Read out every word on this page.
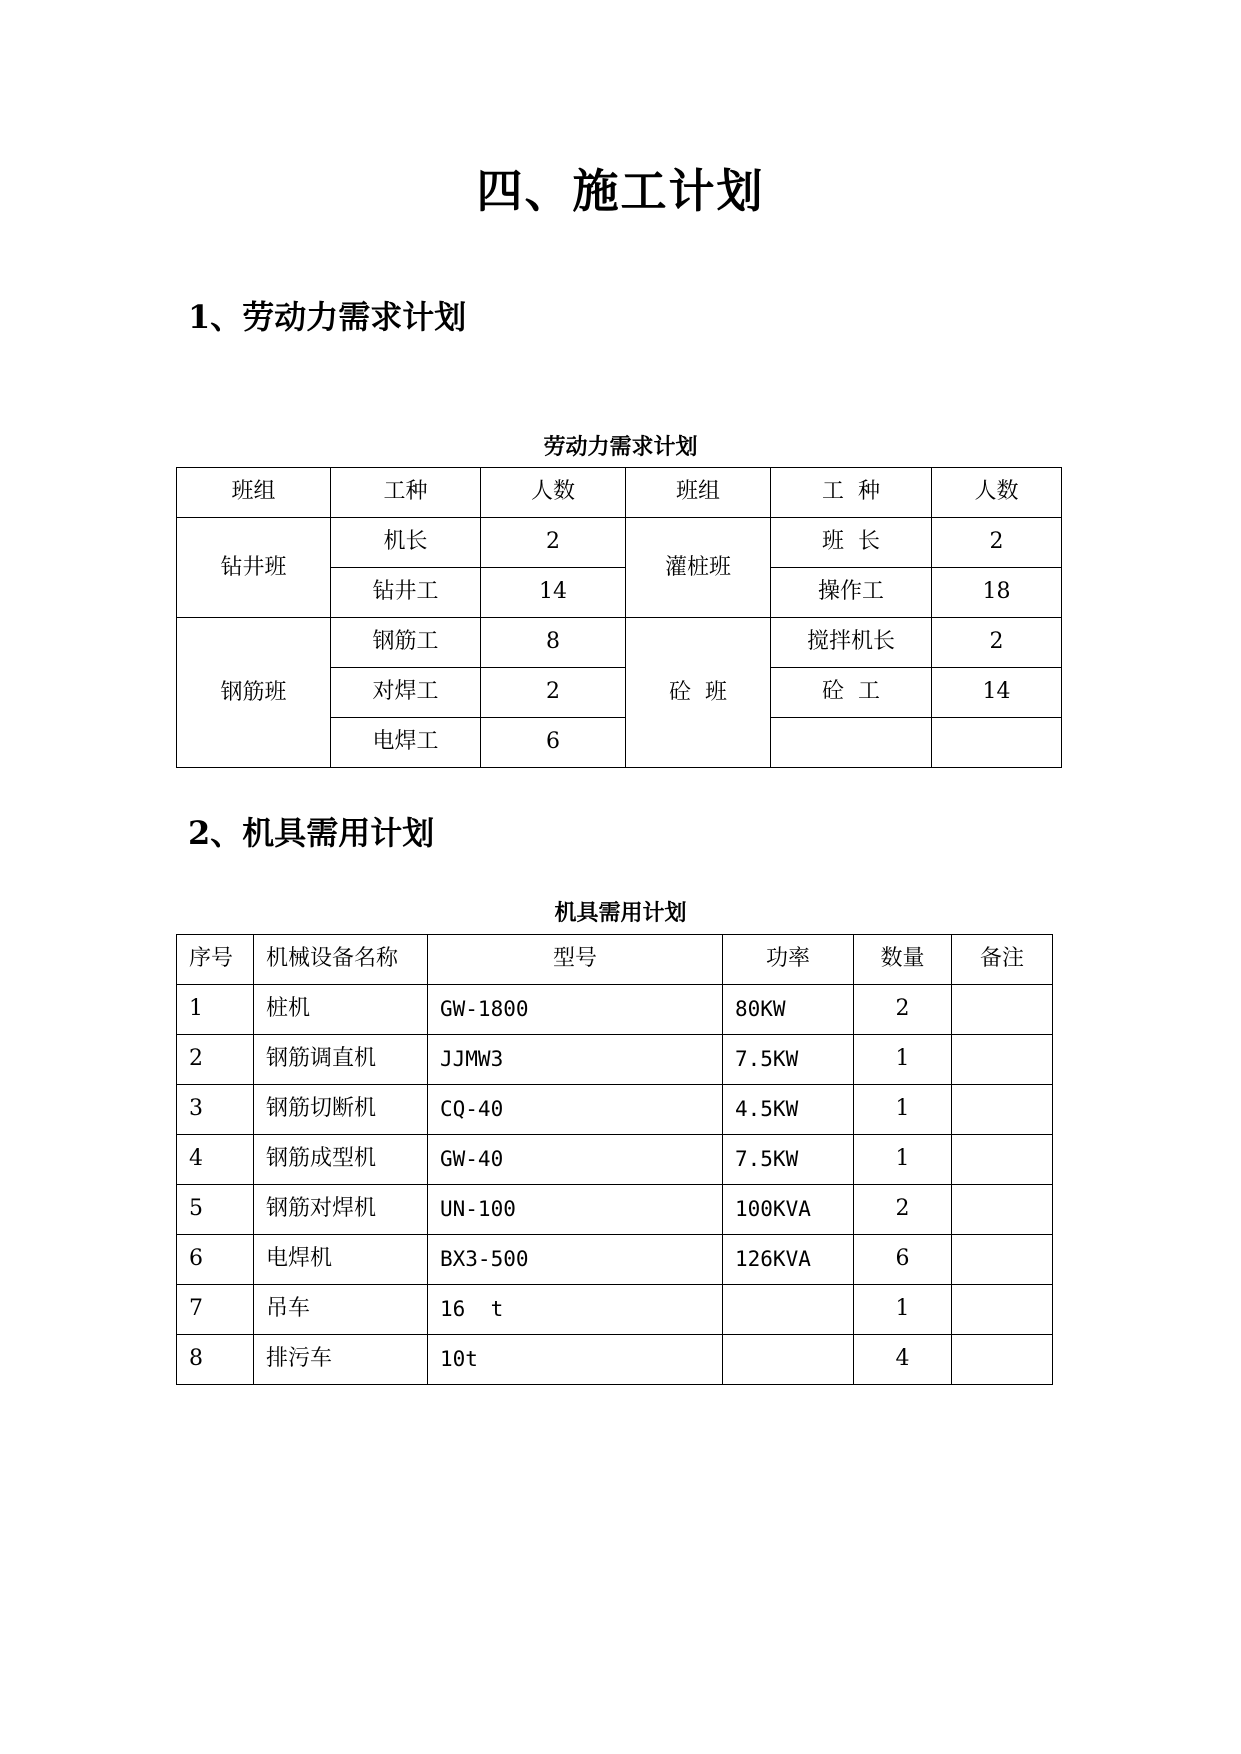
四、施工计划
1、劳动力需求计划
劳动力需求计划
班组	工种	人数	班组	工  种	人数

钻井班	机长	2	灌桩班	班  长	2

	钻井工	14		操作工	18

钢筋班	钢筋工	8	砼  班	搅拌机长	2

	对焊工	2		砼  工	14

	电焊工	6			

2、机具需用计划
机具需用计划
序号	机械设备名称	型号	功率	数量	备注

1	桩机	GW-1800	80KW	2	

2	钢筋调直机	JJMW3	7.5KW	1	

3	钢筋切断机	CQ-40	4.5KW	1	

4	钢筋成型机	GW-40	7.5KW	1	

5	钢筋对焊机	UN-100	100KVA	2	

6	电焊机	BX3-500	126KVA	6	

7	吊车	16  t		1	

8	排污车	10t		4	
